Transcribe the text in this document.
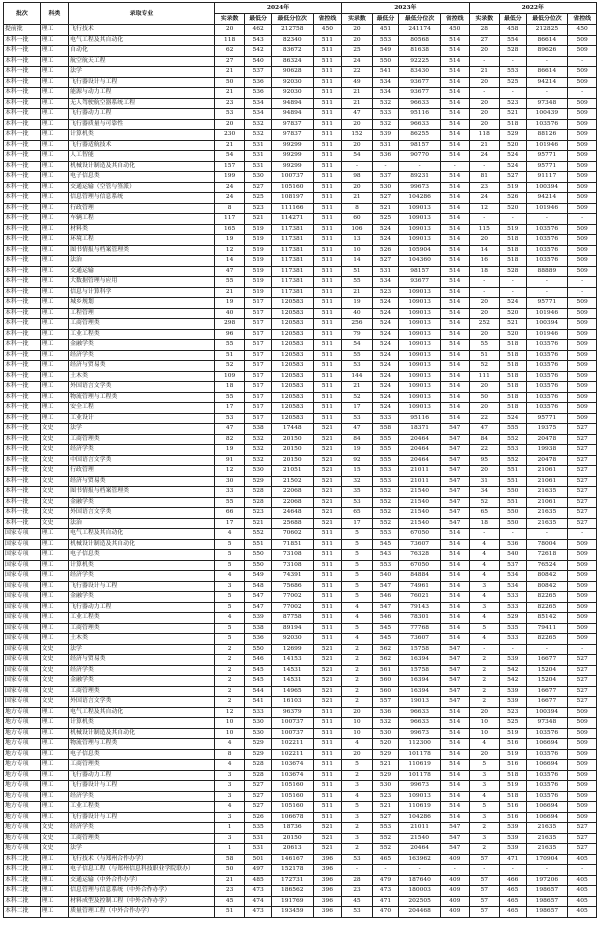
批次	科类	录取专业	2024年				2023年				2022年			
			实录数	最低分	最低分位次	省控线	实录数	最低分	最低分位次	省控线	实录数	最低分	最低分位次	省控线
提前批	理工	飞行技术	20	462	212758	450	20	451	241174	450	28	458	212825	450
本科一批	理工	电气工程及其自动化	118	543	82340	511	20	553	80568	514	27	554	86614	509
本科一批	理工	自动化	62	542	83672	511	25	549	81638	514	20	528	89626	509
本科一批	理工	航空航天工程	27	540	86324	511	24	550	92225	514	-	-	-	-
本科一批	理工	法学	21	537	90628	511	22	541	83430	514	21	553	86614	509
本科一批	理工	飞行器设计与工程	50	536	92030	511	49	534	93677	514	20	525	94214	509
本科一批	理工	能源与动力工程	21	536	92030	511	21	534	93677	514	-	-	-	-
本科一批	理工	无人驾驶航空器系统工程	23	534	94894	511	21	532	96633	514	20	523	97348	509
本科一批	理工	飞行器动力工程	53	534	94894	511	47	533	95116	514	20	521	100439	509
本科一批	理工	飞行器质量与可靠性	20	532	97837	511	20	532	96633	514	20	518	103576	509
本科一批	理工	计算机类	230	532	97837	511	152	539	86255	514	118	529	88126	509
本科一批	理工	飞行器适航技术	21	531	99299	511	20	531	98157	514	21	520	101946	509
本科一批	理工	人工智能	54	531	99299	511	54	536	90770	514	24	524	95771	509
本科一批	理工	机械设计制造及其自动化	157	531	99299	511	-	-	-	-	-	524	95771	509
本科一批	理工	电子信息类	199	530	100737	511	98	537	89231	514	81	527	91117	509
本科一批	理工	交通运输（空管与签派）	24	527	105160	511	20	530	99673	514	23	519	100394	509
本科一批	理工	信息管理与信息系统	24	525	108197	511	21	527	104286	514	24	526	94214	509
本科一批	理工	行政管理	8	523	111166	511	8	521	109013	514	12	520	101946	509
本科一批	理工	车辆工程	117	521	114271	511	60	525	109013	514	-	-	-	-
本科一批	理工	材料类	165	519	117381	511	106	524	109013	514	115	519	103576	509
本科一批	理工	环境工程	19	519	117381	511	13	524	109013	514	20	518	103576	509
本科一批	理工	图书情报与档案管理类	12	519	117381	511	10	526	105904	514	14	518	103576	509
本科一批	理工	法治	14	519	117381	511	14	527	104360	514	16	518	103576	509
本科一批	理工	交通运输	47	519	117381	511	51	531	98157	514	18	528	88889	509
本科一批	理工	大数据管理与应用	55	519	117381	511	55	534	93677	514	-	-	-	-
本科一批	理工	信息与计算科学	21	519	117381	511	21	523	109013	514	-	-	-	-
本科一批	理工	城乡规划	19	517	120583	511	19	524	109013	514	20	524	95771	509
本科一批	理工	工程管理	40	517	120583	511	40	524	109013	514	20	520	101946	509
本科一批	理工	工商管理类	298	517	120583	511	256	524	109013	514	252	521	100394	509
本科一批	理工	工业工程类	96	517	120583	511	79	524	109013	514	20	520	101946	509
本科一批	理工	金融学类	55	517	120583	511	54	524	109013	514	55	518	103576	509
本科一批	理工	经济学类	51	517	120583	511	55	524	109013	514	51	518	103576	509
本科一批	理工	经济与贸易类	52	517	120583	511	53	524	109013	514	52	518	103576	509
本科一批	理工	土木类	109	517	120583	511	144	524	109013	514	111	518	103576	509
本科一批	理工	外国语言文学类	18	517	120583	511	21	524	109013	514	20	518	103576	509
本科一批	理工	物流管理与工程类	55	517	120583	511	52	524	109013	514	50	518	103576	509
本科一批	理工	安全工程	17	517	120583	511	17	524	109013	514	20	518	103576	509
本科一批	理工	工业设计	53	517	120583	511	53	533	95116	514	22	524	95771	509
本科一批	文史	法学	47	538	17448	521	47	558	18371	547	47	555	19375	527
本科一批	文史	工商管理类	82	532	20150	521	84	555	20464	547	84	552	20478	527
本科一批	文史	经济学类	19	532	20150	521	19	555	20464	547	22	553	19938	527
本科一批	文史	中国语言文学类	91	532	20150	521	92	555	20464	547	95	552	20478	527
本科一批	文史	行政管理	12	530	21051	521	15	553	21011	547	20	551	21061	527
本科一批	文史	经济与贸易类	30	529	21502	521	32	553	21011	547	31	551	21061	527
本科一批	文史	图书情报与档案管理类	33	528	22068	521	35	552	21540	547	34	550	21635	527
本科一批	文史	金融学类	55	528	22068	521	53	552	21540	547	52	551	21061	527
本科一批	文史	外国语言文学类	66	523	24648	521	65	552	21540	547	65	550	21635	527
本科一批	文史	法治	17	521	25688	521	17	552	21540	547	18	550	21635	527
国家专项	理工	电气工程及其自动化	4	552	70602	511	5	553	67050	514	-	-	-	-
国家专项	理工	机械设计制造及其自动化	5	551	71851	511	5	545	73607	514	4	536	78004	509
国家专项	理工	电子信息类	5	550	73108	511	5	543	76328	514	4	540	72618	509
国家专项	理工	计算机类	5	550	73108	511	5	553	67050	514	4	537	76524	509
国家专项	理工	经济学类	4	549	74391	511	5	540	84884	514	4	534	80842	509
国家专项	理工	飞行器设计与工程	3	548	75686	511	5	547	74961	514	3	534	80842	509
国家专项	理工	金融学类	5	547	77002	511	5	546	76021	514	4	533	82265	509
国家专项	理工	飞行器动力工程	5	547	77002	511	4	547	79143	514	3	533	82265	509
国家专项	理工	工业工程类	4	539	87758	511	4	546	78301	514	4	529	85142	509
国家专项	理工	工商管理类	5	538	89194	511	5	545	77768	514	5	535	79411	509
国家专项	理工	土木类	5	536	92030	511	4	545	73607	514	4	533	82265	509
国家专项	文史	法学	2	550	12699	521	2	562	15758	547	-	-	-	-
国家专项	文史	经济与贸易类	2	546	14153	521	2	562	16394	547	2	539	16677	527
国家专项	文史	经济学类	2	545	14531	521	2	561	15758	547	2	542	15204	527
国家专项	文史	金融学类	2	545	14531	521	2	560	16394	547	2	542	15204	527
国家专项	文史	工商管理类	2	544	14965	521	2	560	16394	547	2	539	16677	527
国家专项	文史	外国语言文学类	2	541	16103	521	2	557	19013	547	2	539	16677	527
地方专项	理工	电气工程及其自动化	12	533	96379	511	20	536	96633	514	20	523	100394	509
地方专项	理工	计算机类	10	530	100737	511	10	532	96633	514	10	525	97348	509
地方专项	理工	机械设计制造及其自动化	10	530	100737	511	10	530	99673	514	10	519	103576	509
地方专项	理工	物流管理与工程类	4	529	102211	511	4	520	112300	514	4	516	106694	509
地方专项	理工	电子信息类	8	529	102211	511	20	529	101178	514	20	519	103576	509
地方专项	理工	工商管理类	4	528	103674	511	5	521	110619	514	5	516	106694	509
地方专项	理工	飞行器动力工程	3	528	103674	511	2	529	101178	514	3	518	103576	509
地方专项	理工	飞行器设计与工程	3	527	105160	511	3	530	99673	514	3	519	103576	509
地方专项	理工	经济学类	3	527	105160	511	4	523	109013	514	4	518	103576	509
地方专项	理工	工业工程类	4	527	105160	511	5	521	110619	514	5	516	106694	509
地方专项	理工	飞行器设计与工程	3	526	106678	511	3	527	104286	514	3	516	106694	509
地方专项	文史	经济学类	1	535	18736	521	2	553	21011	547	2	539	21635	527
地方专项	文史	工商管理类	3	531	20150	521	3	552	21540	547	3	539	21635	527
地方专项	文史	法学	1	531	20613	521	2	552	20464	547	2	539	21635	527
本科二批	理工	飞行技术（与郑州合作办学）	58	501	146167	396	53	465	163962	409	57	471	170904	405
本科二批	理工	电子信息工程（与郑州信息科技职业学院联办）	50	497	152178	396	-	-	-	-	-	-	-	-
本科二批	理工	交通运输（中外合作办学）	21	485	172731	396	28	479	187640	409	57	466	197206	405
本科二批	理工	信息管理与信息系统（中外合作办学）	23	473	186562	396	23	473	180003	409	57	465	198657	405
本科二批	理工	材料成型及控制工程（中外合作办学）	45	474	191769	396	45	471	202505	409	57	465	198657	405
本科二批	理工	质量管理工程（中外合作办学）	51	473	193459	396	53	470	204468	409	57	465	198657	405
